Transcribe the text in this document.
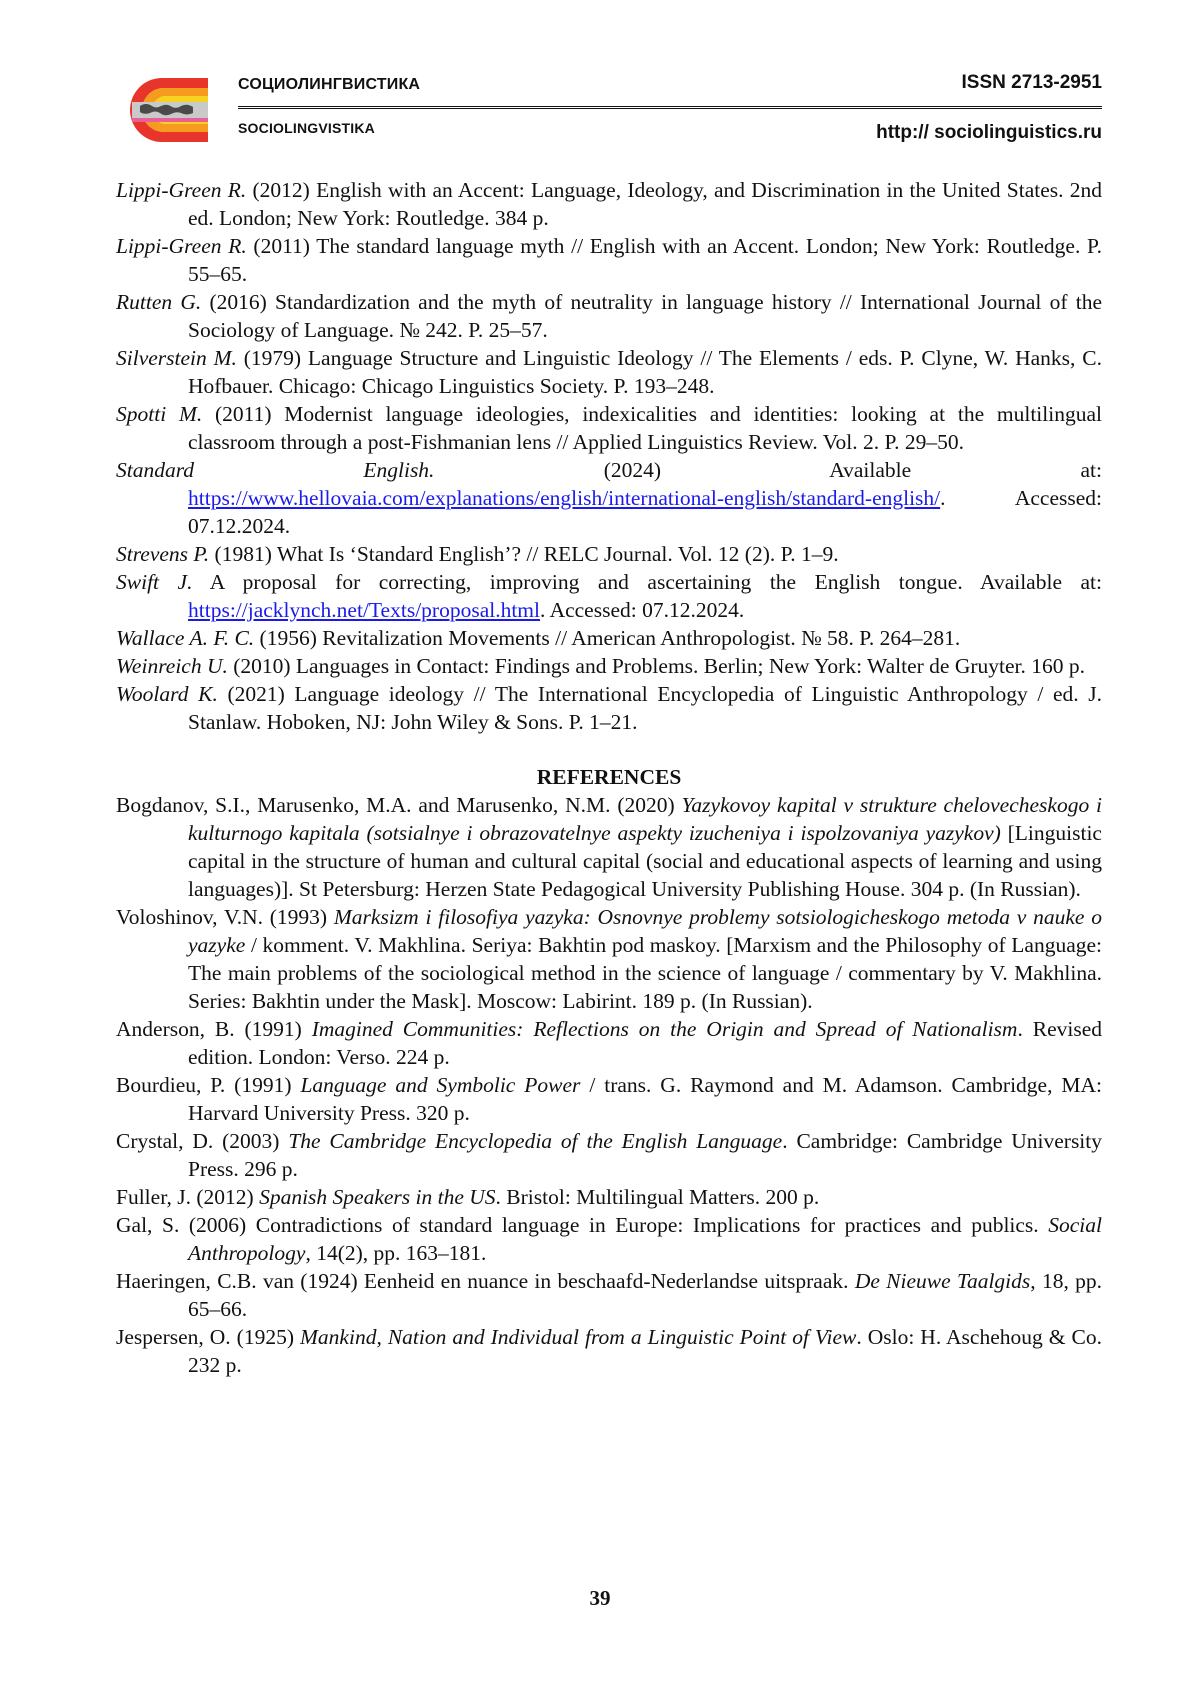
СОЦИОЛИНГВИСТИКА
SOCIOLINGVISTIKA
ISSN 2713-2951
http:// sociolinguistics.ru

Lippi-Green R. (2012) English with an Accent: Language, Ideology, and Discrimination in the United States. 2nd ed. London; New York: Routledge. 384 p.

Lippi-Green R. (2011) The standard language myth // English with an Accent. London; New York: Routledge. P. 55–65.

Rutten G. (2016) Standardization and the myth of neutrality in language history // International Journal of the Sociology of Language. № 242. P. 25–57.

Silverstein M. (1979) Language Structure and Linguistic Ideology // The Elements / eds. P. Clyne, W. Hanks, C. Hofbauer. Chicago: Chicago Linguistics Society. P. 193–248.

Spotti M. (2011) Modernist language ideologies, indexicalities and identities: looking at the multilingual classroom through a post-Fishmanian lens // Applied Linguistics Review. Vol. 2. P. 29–50.

Standard English. (2024) Available at:

https://www.hellovaia.com/explanations/english/international-english/standard-english/. Accessed: 07.12.2024.

Strevens P. (1981) What Is ‘Standard English’? // RELC Journal. Vol. 12 (2). P. 1–9.

Swift J. A proposal for correcting, improving and ascertaining the English tongue. Available at: https://jacklynch.net/Texts/proposal.html. Accessed: 07.12.2024.

Wallace A. F. C. (1956) Revitalization Movements // American Anthropologist. № 58. P. 264–281.

Weinreich U. (2010) Languages in Contact: Findings and Problems. Berlin; New York: Walter de Gruyter. 160 p.

Woolard K. (2021) Language ideology // The International Encyclopedia of Linguistic Anthropology / ed. J. Stanlaw. Hoboken, NJ: John Wiley & Sons. P. 1–21.

REFERENCES

Bogdanov, S.I., Marusenko, M.A. and Marusenko, N.M. (2020) Yazykovoy kapital v strukture chelovecheskogo i kulturnogo kapitala (sotsialnye i obrazovatelnye aspekty izucheniya i ispolzovaniya yazykov) [Linguistic capital in the structure of human and cultural capital (social and educational aspects of learning and using languages)]. St Petersburg: Herzen State Pedagogical University Publishing House. 304 p. (In Russian).

Voloshinov, V.N. (1993) Marksizm i filosofiya yazyka: Osnovnye problemy sotsiologicheskogo metoda v nauke o yazyke / komment. V. Makhlina. Seriya: Bakhtin pod maskoy. [Marxism and the Philosophy of Language: The main problems of the sociological method in the science of language / commentary by V. Makhlina. Series: Bakhtin under the Mask]. Moscow: Labirint. 189 p. (In Russian).

Anderson, B. (1991) Imagined Communities: Reflections on the Origin and Spread of Nationalism. Revised edition. London: Verso. 224 p.

Bourdieu, P. (1991) Language and Symbolic Power / trans. G. Raymond and M. Adamson. Cambridge, MA: Harvard University Press. 320 p.

Crystal, D. (2003) The Cambridge Encyclopedia of the English Language. Cambridge: Cambridge University Press. 296 p.

Fuller, J. (2012) Spanish Speakers in the US. Bristol: Multilingual Matters. 200 p.

Gal, S. (2006) Contradictions of standard language in Europe: Implications for practices and publics. Social Anthropology, 14(2), pp. 163–181.

Haeringen, C.B. van (1924) Eenheid en nuance in beschaafd-Nederlandse uitspraak. De Nieuwe Taalgids, 18, pp. 65–66.

Jespersen, O. (1925) Mankind, Nation and Individual from a Linguistic Point of View. Oslo: H. Aschehoug & Co. 232 p.

39
